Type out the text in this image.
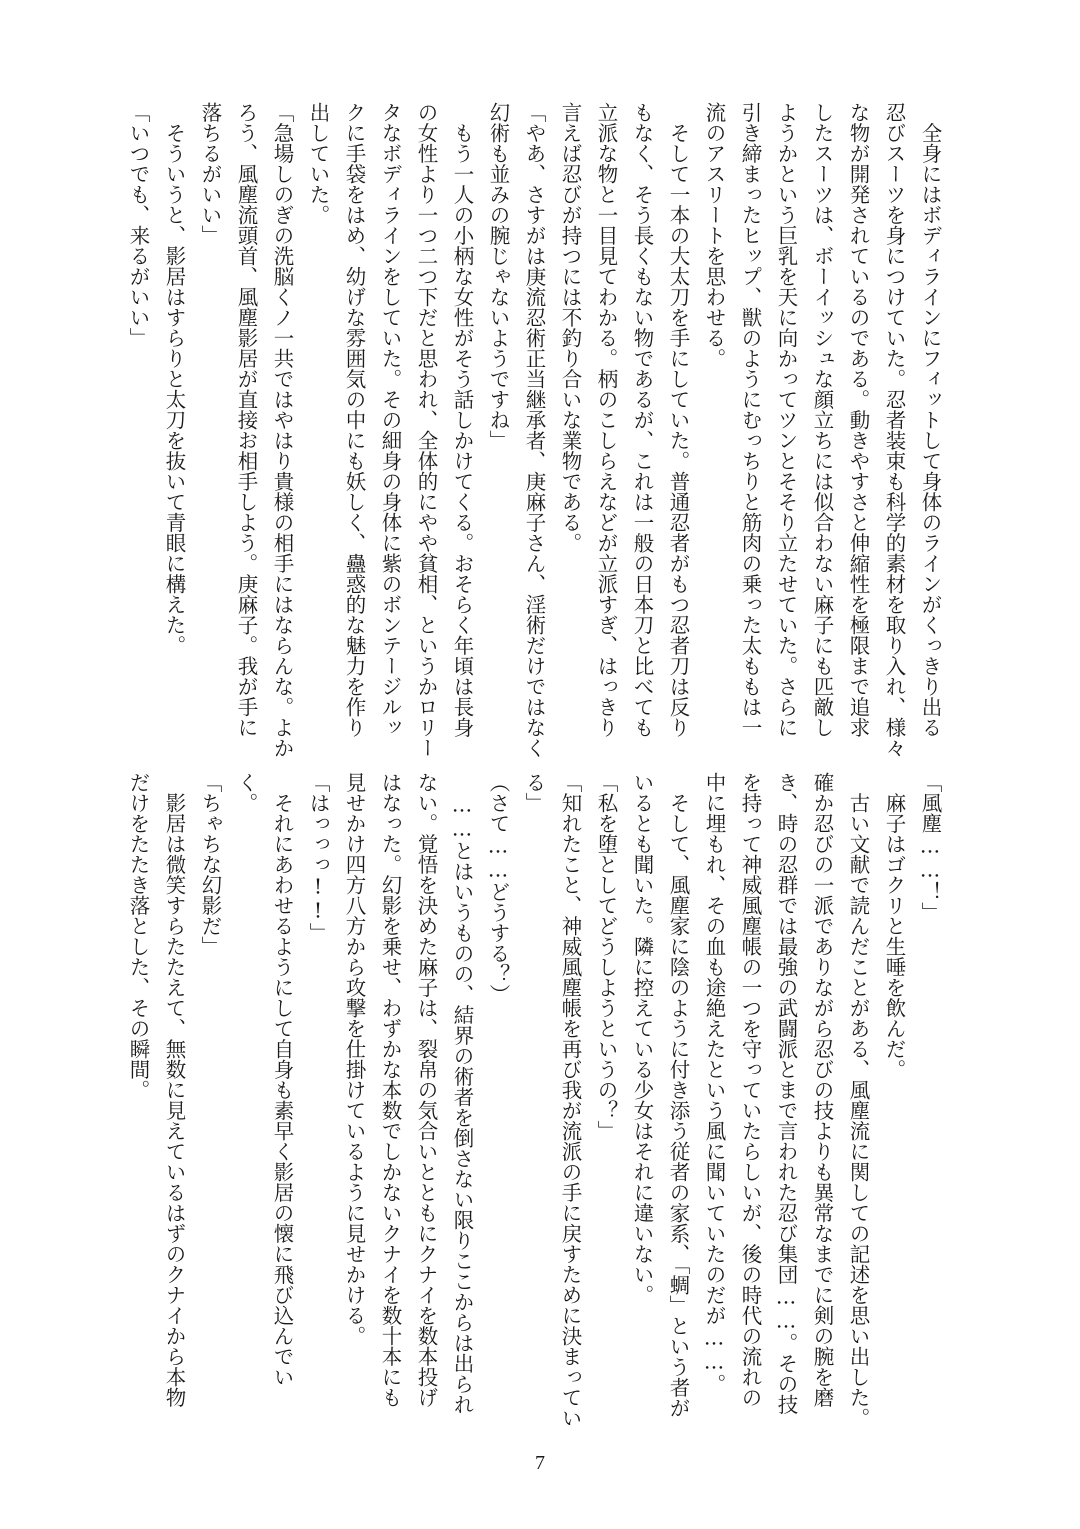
　全身にはボディラインにフィットして身体のラインがくっきり出る
忍びスーツを身につけていた。忍者装束も科学的素材を取り入れ、様々
な物が開発されているのである。動きやすさと伸縮性を極限まで追求
したスーツは、ボーイッシュな顔立ちには似合わない麻子にも匹敵し
ようかという巨乳を天に向かってツンとそそり立たせていた。さらに
引き締まったヒップ、獣のようにむっちりと筋肉の乗った太ももは一
流のアスリートを思わせる。
　そして一本の大太刀を手にしていた。普通忍者がもつ忍者刀は反り
もなく、そう長くもない物であるが、これは一般の日本刀と比べても
立派な物と一目見てわかる。柄のこしらえなどが立派すぎ、はっきり
言えば忍びが持つには不釣り合いな業物である。
「やあ、さすがは庚流忍術正当継承者、庚麻子さん、淫術だけではなく
幻術も並みの腕じゃないようですね」
　もう一人の小柄な女性がそう話しかけてくる。おそらく年頃は長身
の女性より一つ二つ下だと思われ、全体的にやや貧相、というかロリー
タなボディラインをしていた。その細身の身体に紫のボンテージルッ
クに手袋をはめ、幼げな雰囲気の中にも妖しく、蠱惑的な魅力を作り
出していた。
「急場しのぎの洗脳くノ一共ではやはり貴様の相手にはならんな。よか
ろう、風塵流頭首、風塵影居が直接お相手しよう。庚麻子。我が手に
落ちるがいい」
　そういうと、影居はすらりと太刀を抜いて青眼に構えた。
「いつでも、来るがいい」
「風塵……！」
　麻子はゴクリと生唾を飲んだ。
　古い文献で読んだことがある、風塵流に関しての記述を思い出した。
確か忍びの一派でありながら忍びの技よりも異常なまでに剣の腕を磨
き、時の忍群では最強の武闘派とまで言われた忍び集団……。その技
を持って神威風塵帳の一つを守っていたらしいが、後の時代の流れの
中に埋もれ、その血も途絶えたという風に聞いていたのだが……。
　そして、風塵家に陰のように付き添う従者の家系、「蜩」という者が
いるとも聞いた。隣に控えている少女はそれに違いない。
「私を堕としてどうしようというの？」
「知れたこと、神威風塵帳を再び我が流派の手に戻すために決まってい
る」
（さて……どうする？）
　……とはいうものの、結界の術者を倒さない限りここからは出られ
ない。覚悟を決めた麻子は、裂帛の気合いとともにクナイを数本投げ
はなった。幻影を乗せ、わずかな本数でしかないクナイを数十本にも
見せかけ四方八方から攻撃を仕掛けているように見せかける。
「はっっっ!!」
　それにあわせるようにして自身も素早く影居の懐に飛び込んでい
く。
「ちゃちな幻影だ」
　影居は微笑すらたたえて、無数に見えているはずのクナイから本物
だけをたたき落とした、その瞬間。
7
